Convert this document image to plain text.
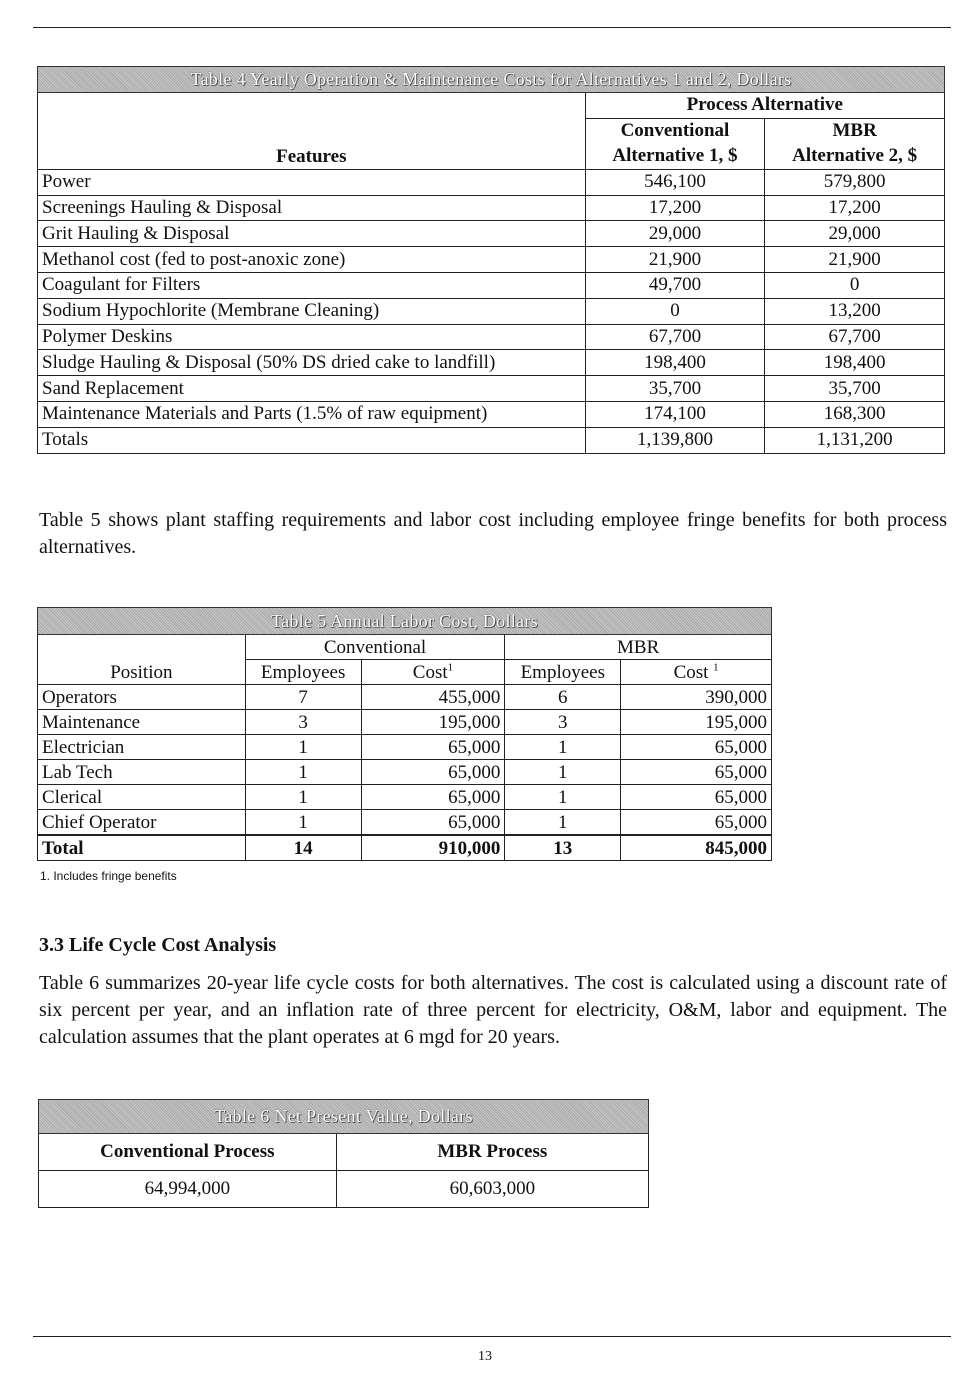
Table 4 Yearly Operation & Maintenance Costs for Alternatives 1 and 2, Dollars		
Features	Process Alternative	
	Conventional	MBR
	Alternative 1, $	Alternative 2, $
Power	546,100	579,800
Screenings Hauling & Disposal	17,200	17,200
Grit Hauling & Disposal	29,000	29,000
Methanol cost (fed to post-anoxic zone)	21,900	21,900
Coagulant for Filters	49,700	0
Sodium Hypochlorite (Membrane Cleaning)	0	13,200
Polymer Deskins	67,700	67,700
Sludge Hauling & Disposal (50% DS dried cake to landfill)	198,400	198,400
Sand Replacement	35,700	35,700
Maintenance Materials and Parts (1.5% of raw equipment)	174,100	168,300
Totals	1,139,800	1,131,200

Table 5 shows plant staffing requirements and labor cost including employee fringe benefits for both process alternatives.

Table 5 Annual Labor Cost, Dollars				
Position	Conventional		MBR	
	Employees	Cost$^1$	Employees	Cost $^1$
Operators	7	455,000	6	390,000
Maintenance	3	195,000	3	195,000
Electrician	1	65,000	1	65,000
Lab Tech	1	65,000	1	65,000
Clerical	1	65,000	1	65,000
Chief Operator	1	65,000	1	65,000
Total	14	910,000	13	845,000
1. Includes fringe benefits
3.3 Life Cycle Cost Analysis

Table 6 summarizes 20-year life cycle costs for both alternatives. The cost is calculated using a discount rate of six percent per year, and an inflation rate of three percent for electricity, O&M, labor and equipment. The calculation assumes that the plant operates at 6 mgd for 20 years.

Table 6 Net Present Value, Dollars	
Conventional Process	MBR Process
64,994,000	60,603,000
13
